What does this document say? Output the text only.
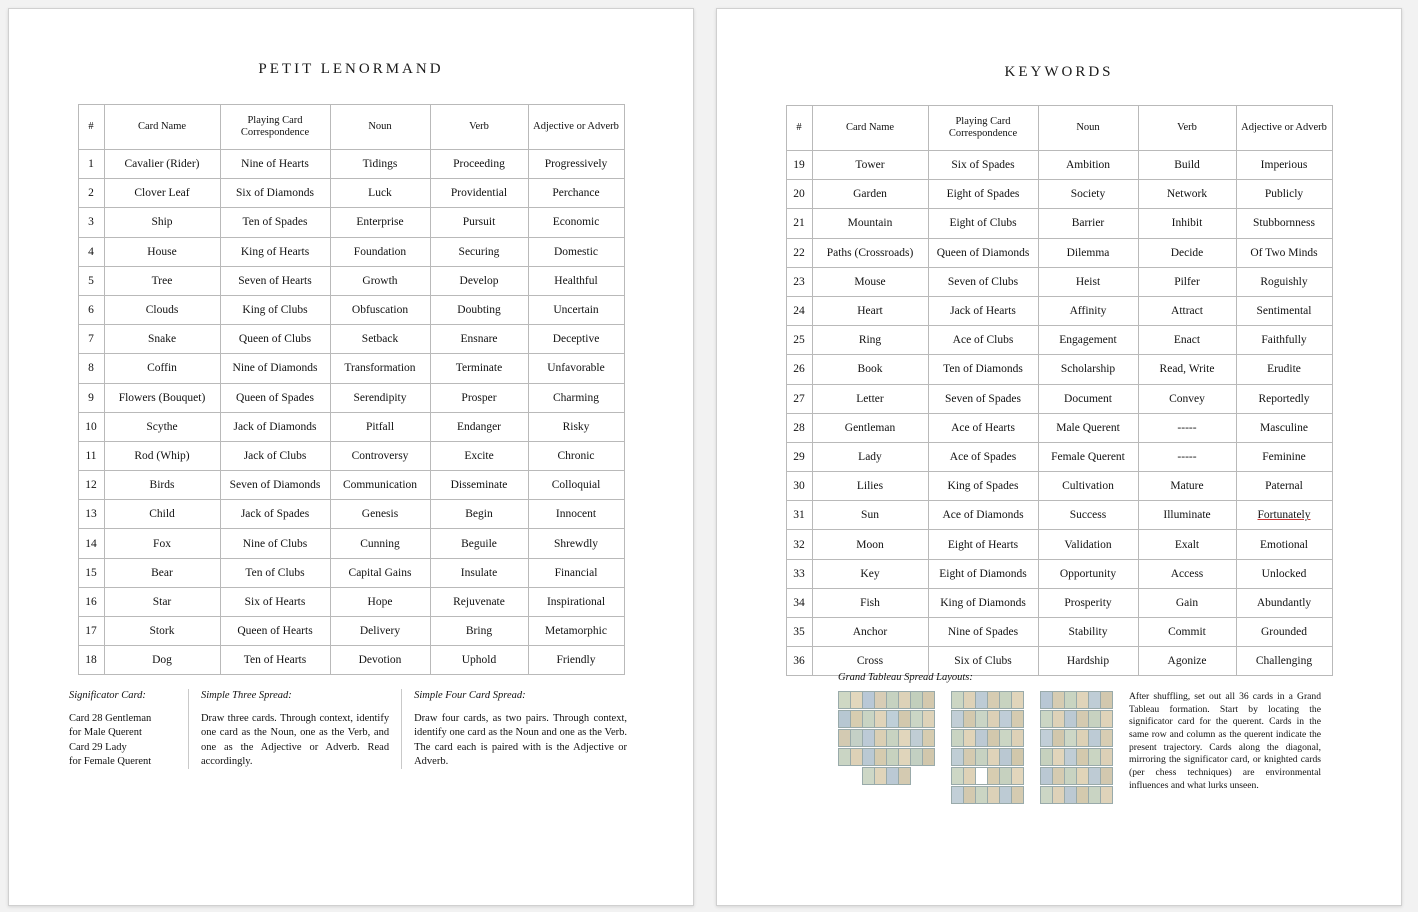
PETIT LENORMAND
#	Card Name	Playing Card Correspondence	Noun	Verb	Adjective or Adverb
1	Cavalier (Rider)	Nine of Hearts	Tidings	Proceeding	Progressively
2	Clover Leaf	Six of Diamonds	Luck	Providential	Perchance
3	Ship	Ten of Spades	Enterprise	Pursuit	Economic
4	House	King of Hearts	Foundation	Securing	Domestic
5	Tree	Seven of Hearts	Growth	Develop	Healthful
6	Clouds	King of Clubs	Obfuscation	Doubting	Uncertain
7	Snake	Queen of Clubs	Setback	Ensnare	Deceptive
8	Coffin	Nine of Diamonds	Transformation	Terminate	Unfavorable
9	Flowers (Bouquet)	Queen of Spades	Serendipity	Prosper	Charming
10	Scythe	Jack of Diamonds	Pitfall	Endanger	Risky
11	Rod (Whip)	Jack of Clubs	Controversy	Excite	Chronic
12	Birds	Seven of Diamonds	Communication	Disseminate	Colloquial
13	Child	Jack of Spades	Genesis	Begin	Innocent
14	Fox	Nine of Clubs	Cunning	Beguile	Shrewdly
15	Bear	Ten of Clubs	Capital Gains	Insulate	Financial
16	Star	Six of Hearts	Hope	Rejuvenate	Inspirational
17	Stork	Queen of Hearts	Delivery	Bring	Metamorphic
18	Dog	Ten of Hearts	Devotion	Uphold	Friendly
Significator Card:
Card 28 Gentleman
for Male Querent
Card 29 Lady
for Female Querent
Simple Three Spread:
Draw three cards. Through context, identify one card as the Noun, one as the Verb, and one as the Adjective or Adverb. Read accordingly.
Simple Four Card Spread:
Draw four cards, as two pairs. Through context, identify one card as the Noun and one as the Verb. The card each is paired with is the Adjective or Adverb.
KEYWORDS
#	Card Name	Playing Card Correspondence	Noun	Verb	Adjective or Adverb
19	Tower	Six of Spades	Ambition	Build	Imperious
20	Garden	Eight of Spades	Society	Network	Publicly
21	Mountain	Eight of Clubs	Barrier	Inhibit	Stubbornness
22	Paths (Crossroads)	Queen of Diamonds	Dilemma	Decide	Of Two Minds
23	Mouse	Seven of Clubs	Heist	Pilfer	Roguishly
24	Heart	Jack of Hearts	Affinity	Attract	Sentimental
25	Ring	Ace of Clubs	Engagement	Enact	Faithfully
26	Book	Ten of Diamonds	Scholarship	Read, Write	Erudite
27	Letter	Seven of Spades	Document	Convey	Reportedly
28	Gentleman	Ace of Hearts	Male Querent	-----	Masculine
29	Lady	Ace of Spades	Female Querent	-----	Feminine
30	Lilies	King of Spades	Cultivation	Mature	Paternal
31	Sun	Ace of Diamonds	Success	Illuminate	Fortunately
32	Moon	Eight of Hearts	Validation	Exalt	Emotional
33	Key	Eight of Diamonds	Opportunity	Access	Unlocked
34	Fish	King of Diamonds	Prosperity	Gain	Abundantly
35	Anchor	Nine of Spades	Stability	Commit	Grounded
36	Cross	Six of Clubs	Hardship	Agonize	Challenging
Grand Tableau Spread Layouts:
After shuffling, set out all 36 cards in a Grand Tableau formation. Start by locating the significator card for the querent. Cards in the same row and column as the querent indicate the present trajectory. Cards along the diagonal, mirroring the significator card, or knighted cards (per chess techniques) are environmental influences and what lurks unseen.
